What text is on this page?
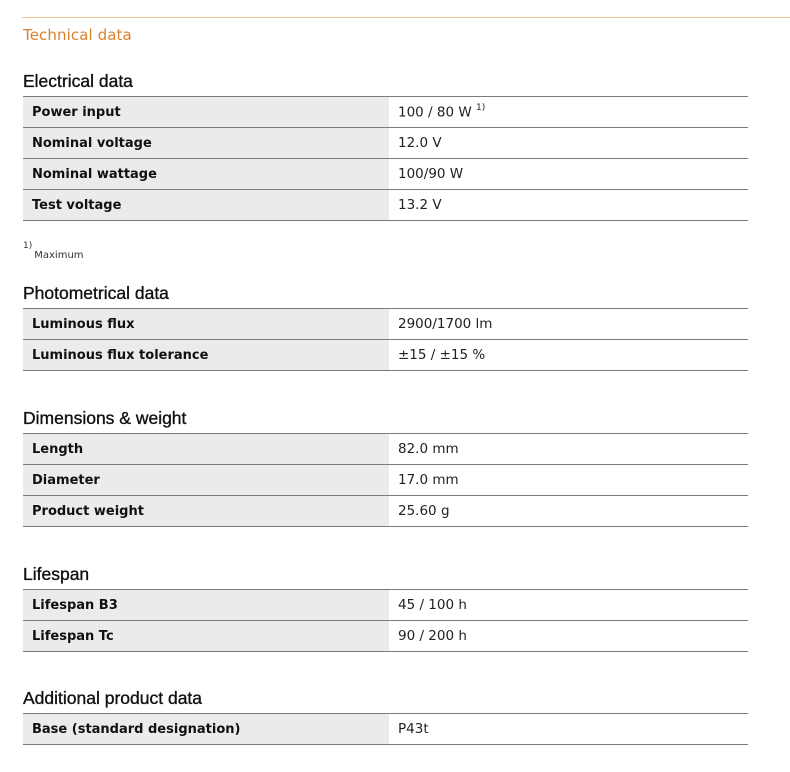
Technical data
Electrical data
Power input	100 / 80 W $^{1)}$
Nominal voltage	12.0 V
Nominal wattage	100/90 W
Test voltage	13.2 V
$^{1)}$Maximum
Photometrical data
Luminous flux	2900/1700 lm
Luminous flux tolerance	±15 / ±15 %
Dimensions & weight
Length	82.0 mm
Diameter	17.0 mm
Product weight	25.60 g
Lifespan
Lifespan B3	45 / 100 h
Lifespan Tc	90 / 200 h
Additional product data
Base (standard designation)	P43t
